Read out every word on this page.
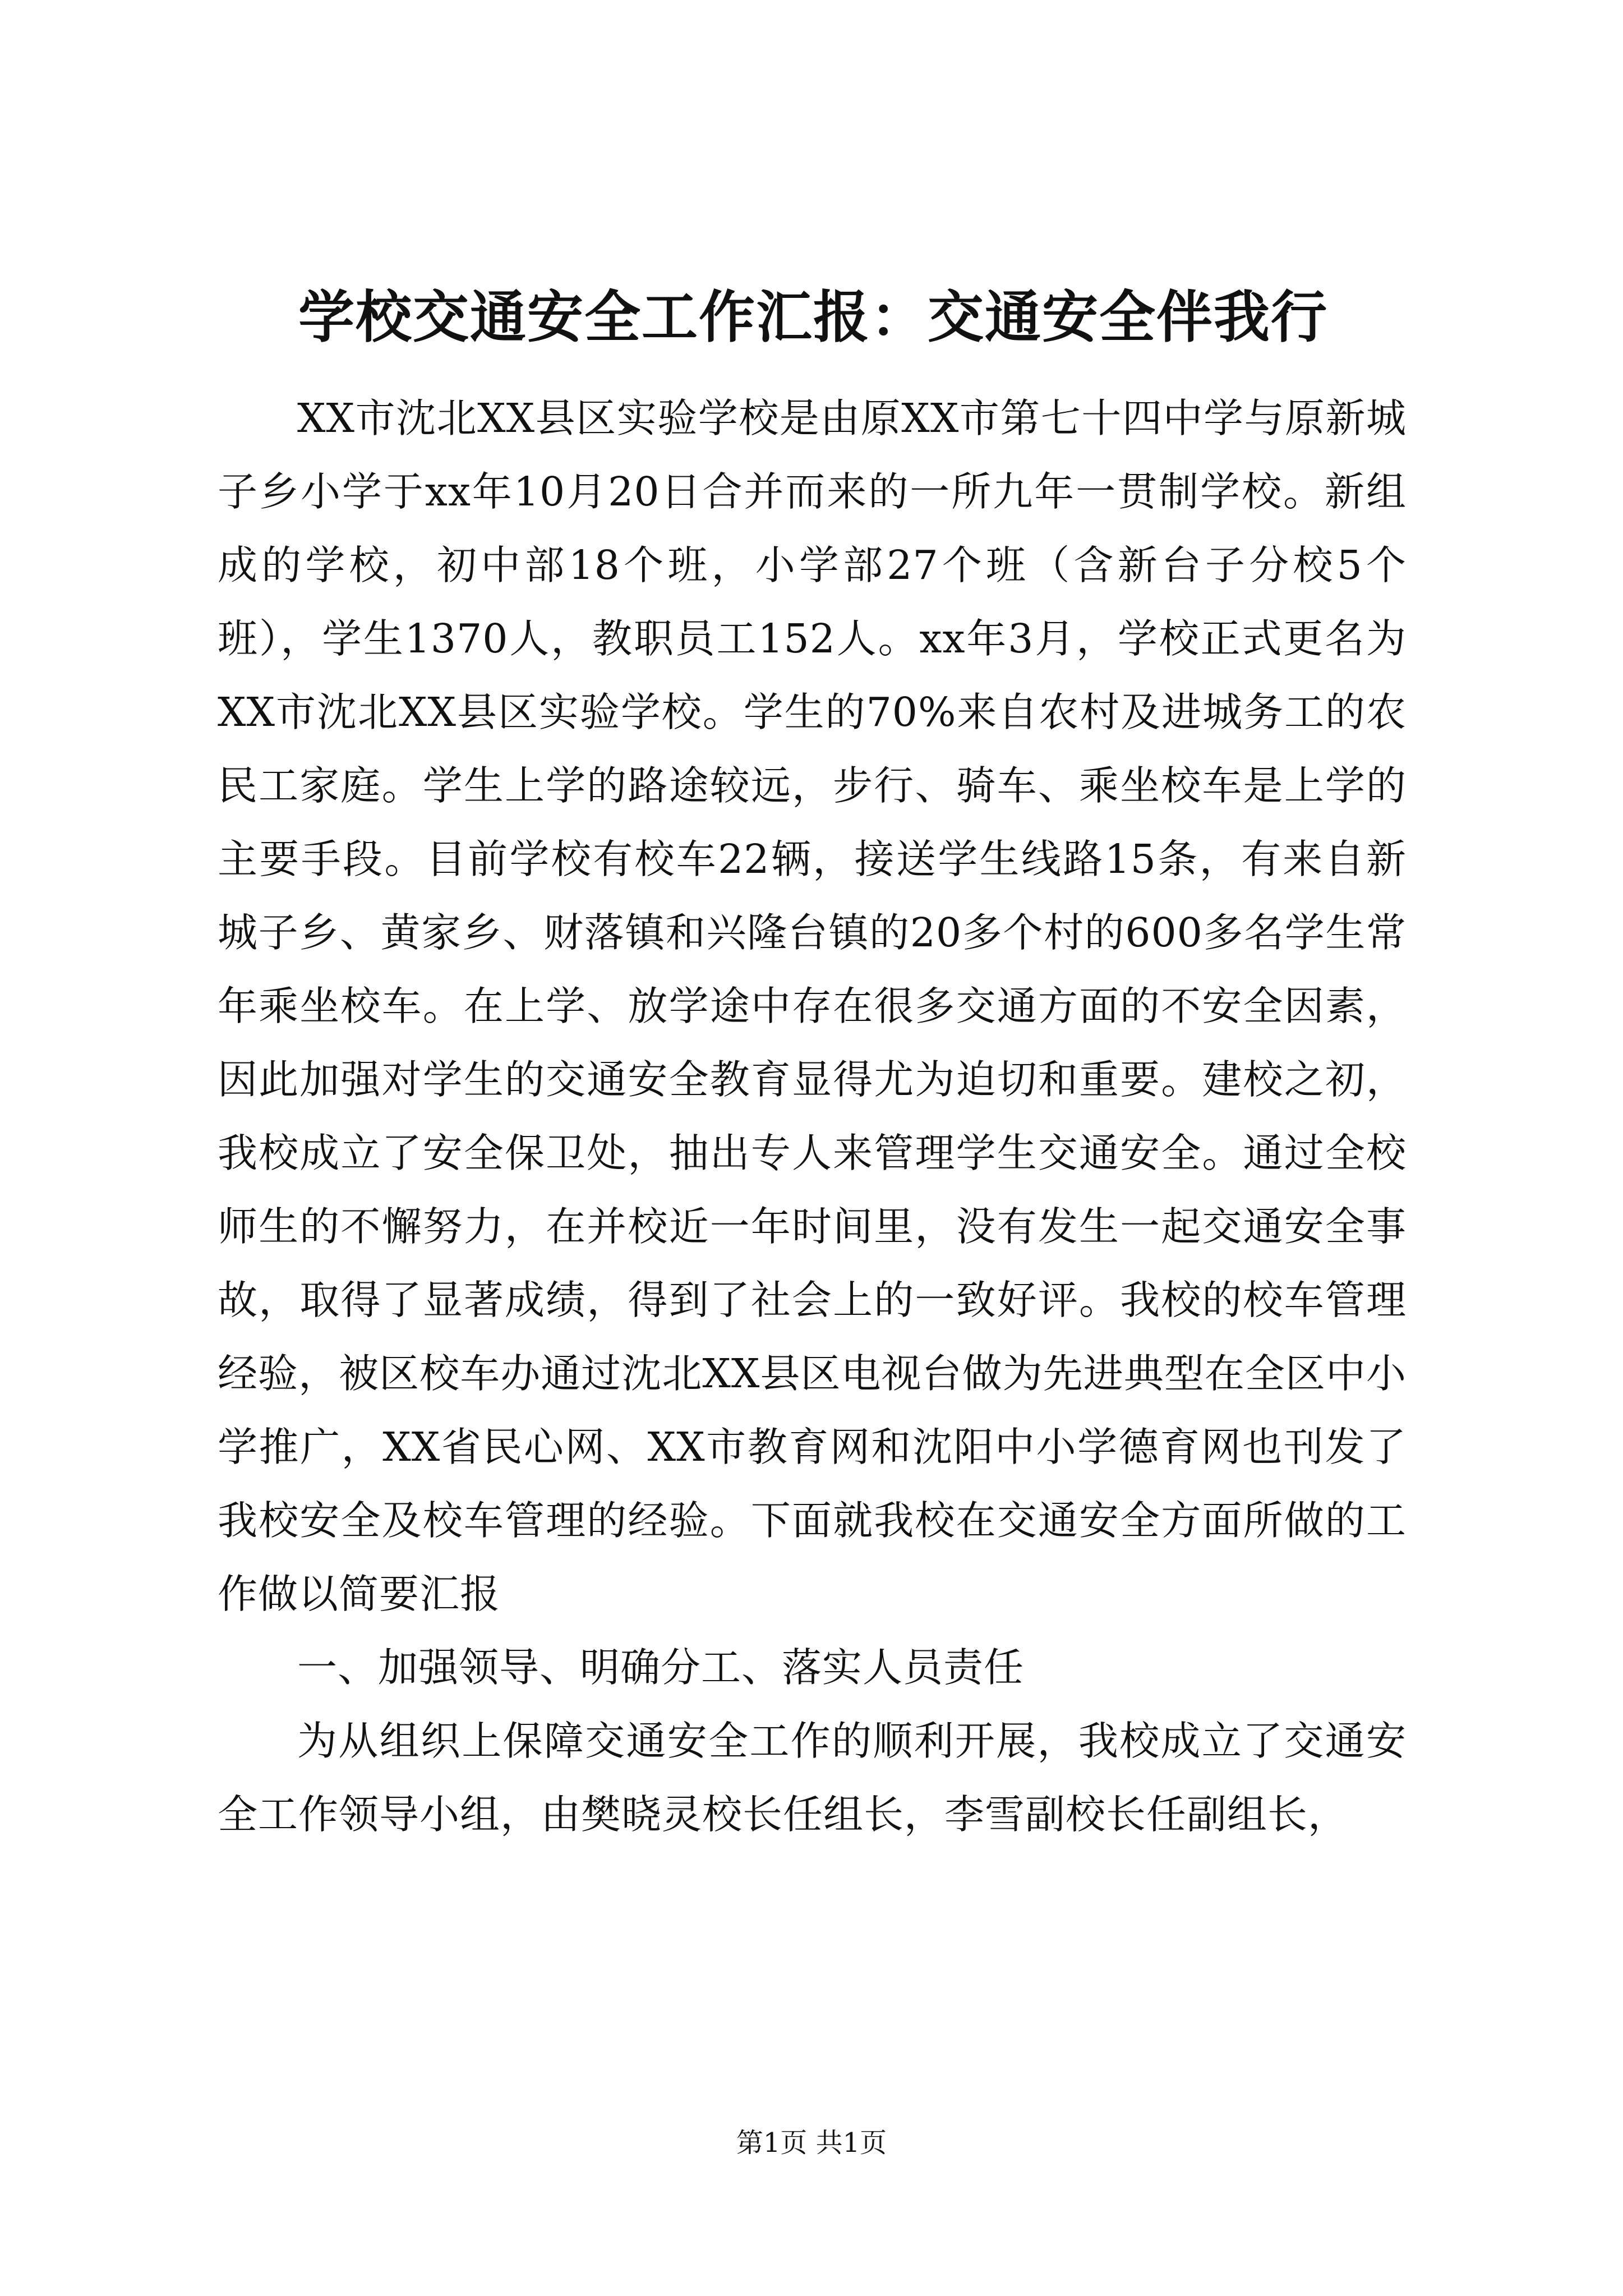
学校交通安全工作汇报：交通安全伴我行

XX市沈北XX县区实验学校是由原XX市第七十四中学与原新城子乡小学于xx年10月20日合并而来的一所九年一贯制学校。新组成的学校，初中部18个班，小学部27个班（含新台子分校5个班），学生1370人，教职员工152人。xx年3月，学校正式更名为XX市沈北XX县区实验学校。学生的70%来自农村及进城务工的农民工家庭。学生上学的路途较远，步行、骑车、乘坐校车是上学的主要手段。目前学校有校车22辆，接送学生线路15条，有来自新城子乡、黄家乡、财落镇和兴隆台镇的20多个村的600多名学生常年乘坐校车。在上学、放学途中存在很多交通方面的不安全因素，因此加强对学生的交通安全教育显得尤为迫切和重要。建校之初，我校成立了安全保卫处，抽出专人来管理学生交通安全。通过全校师生的不懈努力，在并校近一年时间里，没有发生一起交通安全事故，取得了显著成绩，得到了社会上的一致好评。我校的校车管理经验，被区校车办通过沈北XX县区电视台做为先进典型在全区中小学推广，XX省民心网、XX市教育网和沈阳中小学德育网也刊发了我校安全及校车管理的经验。下面就我校在交通安全方面所做的工作做以简要汇报

一、加强领导、明确分工、落实人员责任

为从组织上保障交通安全工作的顺利开展，我校成立了交通安全工作领导小组，由樊晓灵校长任组长，李雪副校长任副组长，

第1页 共1页
